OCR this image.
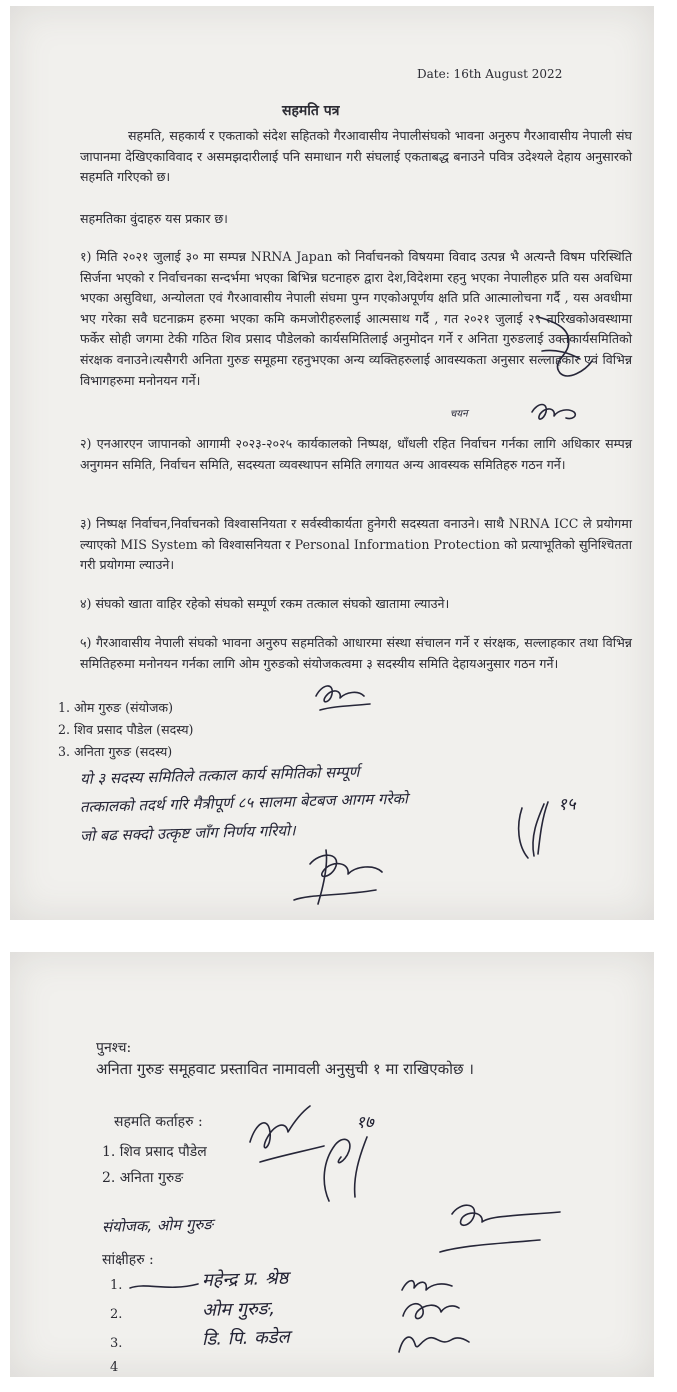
Date: 16th August 2022

सहमति पत्र

सहमति, सहकार्य र एकताको संदेश सहितको गैरआवासीय नेपालीसंघको भावना अनुरुप गैरआवासीय नेपाली संघ जापानमा देखिएकाविवाद र असमझदारीलाई पनि समाधान गरी संघलाई एकताबद्ध बनाउने पवित्र उदेश्यले देहाय अनुसारको सहमति गरिएको छ।

सहमतिका वुंदाहरु यस प्रकार छ।

१) मिति २०२१ जुलाई ३० मा सम्पन्न NRNA Japan को निर्वाचनको विषयमा विवाद उत्पन्न भै अत्यन्तै विषम परिस्थिति सिर्जना भएको र निर्वाचनका सन्दर्भमा भएका बिभिन्न घटनाहरु द्वारा देश,विदेशमा रहनु भएका नेपालीहरु प्रति यस अवधिमा भएका असुविधा, अन्योलता एवं गैरआवासीय नेपाली संघमा पुग्न गएकोअपूर्णय क्षति प्रति आत्मालोचना गर्दै , यस अवधीमा भए गरेका सवै घटनाक्रम हरुमा भएका कमि कमजोरीहरुलाई आत्मसाथ गर्दै , गत २०२१ जुलाई २९ तारिखकोअवस्थामा फर्केर सोही जगमा टेकी गठित शिव प्रसाद पौडेलको कार्यसमितिलाई अनुमोदन गर्ने र अनिता गुरुङलाई उक्तकार्यसमितिको संरक्षक वनाउने।त्यसैगरी अनिता गुरुङ समूहमा रहनुभएका अन्य व्यक्तिहरुलाई आवस्यकता अनुसार सल्लाहकार एवं विभिन्न विभागहरुमा मनोनयन गर्ने।

चयन

२) एनआरएन जापानको आगामी २०२३-२०२५ कार्यकालको निष्पक्ष, धाँधली रहित निर्वाचन गर्नका लागि अधिकार सम्पन्न अनुगमन समिति, निर्वाचन समिति, सदस्यता व्यवस्थापन समिति लगायत अन्य आवस्यक समितिहरु गठन गर्ने।

३) निष्पक्ष निर्वाचन,निर्वाचनको विश्वासनियता र सर्वस्वीकार्यता हुनेगरी सदस्यता वनाउने। साथै NRNA ICC ले प्रयोगमा ल्याएको MIS System को विश्वासनियता र Personal Information Protection को प्रत्याभूतिको सुनिश्चितता गरी प्रयोगमा ल्याउने।

४) संघको खाता वाहिर रहेको संघको सम्पूर्ण रकम तत्काल संघको खातामा ल्याउने।

५) गैरआवासीय नेपाली संघको भावना अनुरुप सहमतिको आधारमा संस्था संचालन गर्ने र संरक्षक, सल्लाहकार तथा विभिन्न समितिहरुमा मनोनयन गर्नका लागि ओम गुरुङको संयोजकत्वमा ३ सदस्यीय समिति देहायअनुसार गठन गर्ने।

1. ओम गुरुङ (संयोजक)

2. शिव प्रसाद पौडेल (सदस्य)

3. अनिता गुरुङ (सदस्य)

यो ३ सदस्य समितिले तत्काल कार्य समितिको सम्पूर्ण

तत्कालको तदर्थ गरि मैत्रीपूर्ण ८५ सालमा बेटबज आगम गरेको

जो बढ सक्दो उत्कृष्ट जाँग निर्णय गरियो।

१५

पुनश्च:

अनिता गुरुङ समूहवाट प्रस्तावित नामावली अनुसुची १ मा राखिएकोछ ।

सहमति कर्ताहरु :

1. शिव प्रसाद पौडेल

2. अनिता गुरुङ

संयोजक, ओम गुरुङ

सांक्षीहरु :

1.

2.

3.

4

महेन्द्र प्र. श्रेष्ठ

ओम गुरुङ,

डि. पि. कडेल

१७
